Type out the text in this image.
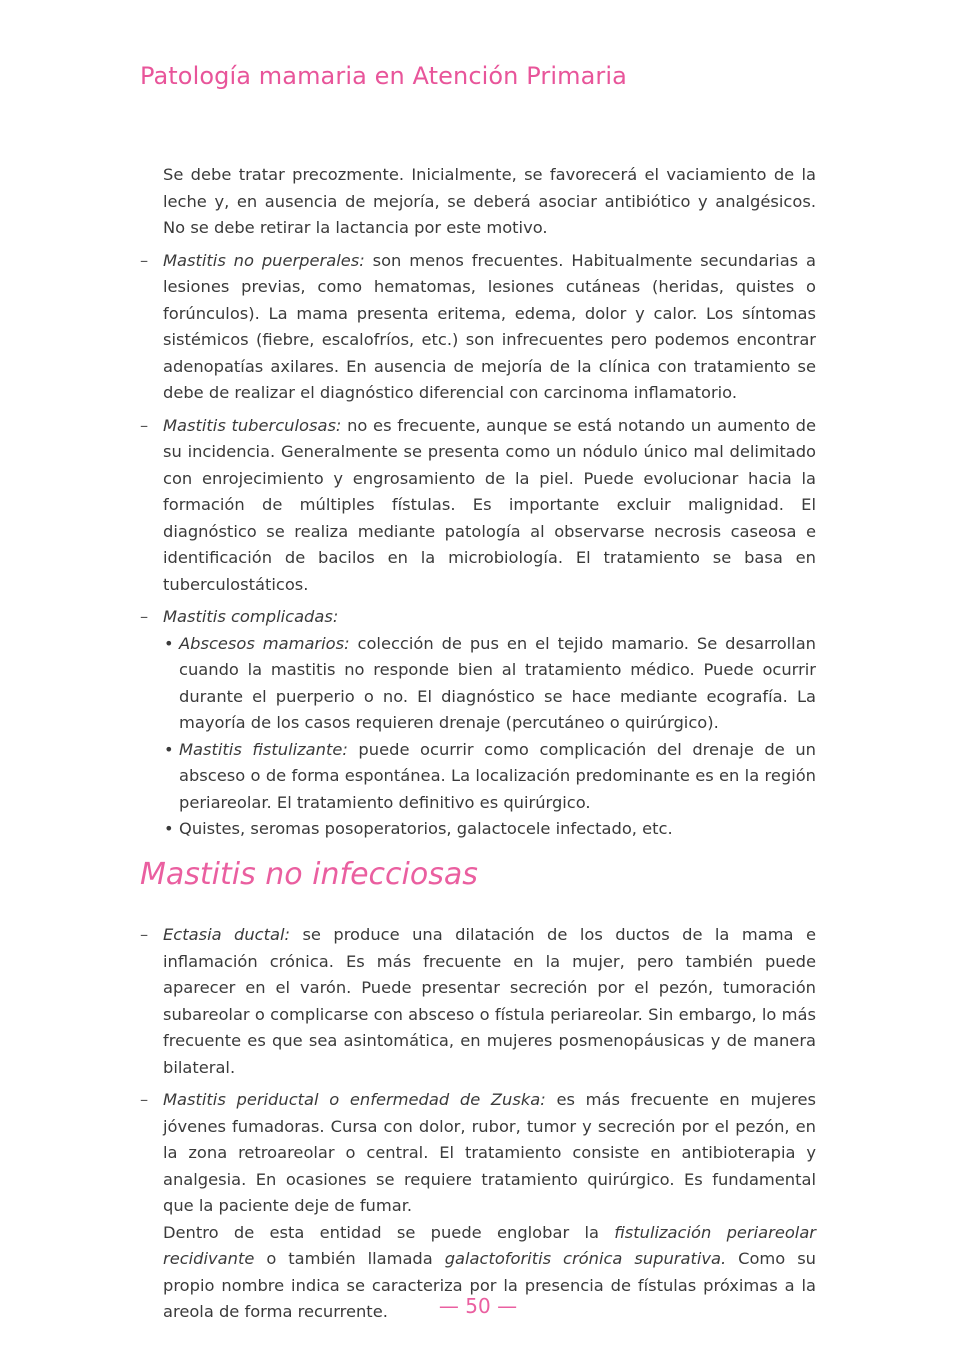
Patología mamaria en Atención Primaria

Se debe tratar precozmente. Inicialmente, se favorecerá el vaciamiento de la leche y, en ausencia de mejoría, se deberá asociar antibiótico y analgésicos. No se debe retirar la lactancia por este motivo.

– Mastitis no puerperales: son menos frecuentes. Habitualmente secundarias a lesiones previas, como hematomas, lesiones cutáneas (heridas, quistes o forúnculos). La mama presenta eritema, edema, dolor y calor. Los síntomas sistémicos (fiebre, escalofríos, etc.) son infrecuentes pero podemos encontrar adenopatías axilares. En ausencia de mejoría de la clínica con tratamiento se debe de realizar el diagnóstico diferencial con carcinoma inflamatorio.
– Mastitis tuberculosas: no es frecuente, aunque se está notando un aumento de su incidencia. Generalmente se presenta como un nódulo único mal delimitado con enrojecimiento y engrosamiento de la piel. Puede evolucionar hacia la formación de múltiples fístulas. Es importante excluir malignidad. El diagnóstico se realiza mediante patología al observarse necrosis caseosa e identificación de bacilos en la microbiología. El tratamiento se basa en tuberculostáticos.
– Mastitis complicadas:
• Abscesos mamarios: colección de pus en el tejido mamario. Se desarrollan cuando la mastitis no responde bien al tratamiento médico. Puede ocurrir durante el puerperio o no. El diagnóstico se hace mediante ecografía. La mayoría de los casos requieren drenaje (percutáneo o quirúrgico).
• Mastitis fistulizante: puede ocurrir como complicación del drenaje de un absceso o de forma espontánea. La localización predominante es en la región periareolar. El tratamiento definitivo es quirúrgico.
• Quistes, seromas posoperatorios, galactocele infectado, etc.
Mastitis no infecciosas
– Ectasia ductal: se produce una dilatación de los ductos de la mama e inflamación crónica. Es más frecuente en la mujer, pero también puede aparecer en el varón. Puede presentar secreción por el pezón, tumoración subareolar o complicarse con absceso o fístula periareolar. Sin embargo, lo más frecuente es que sea asintomática, en mujeres posmenopáusicas y de manera bilateral.
– Mastitis periductal o enfermedad de Zuska: es más frecuente en mujeres jóvenes fumadoras. Cursa con dolor, rubor, tumor y secreción por el pezón, en la zona retroareolar o central. El tratamiento consiste en antibioterapia y analgesia. En ocasiones se requiere tratamiento quirúrgico. Es fundamental que la paciente deje de fumar.

Dentro de esta entidad se puede englobar la fistulización periareolar recidivante o también llamada galactoforitis crónica supurativa. Como su propio nombre indica se caracteriza por la presencia de fístulas próximas a la areola de forma recurrente.	— 50 —
